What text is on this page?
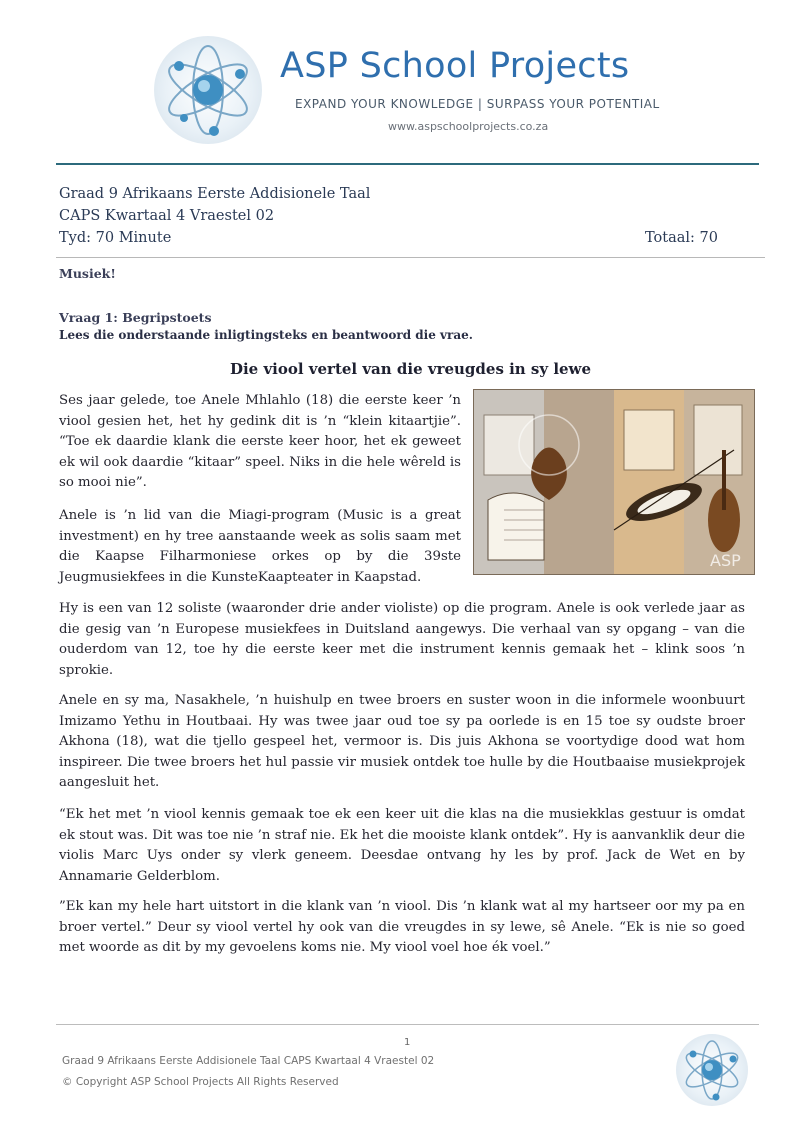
ASP School Projects
EXPAND YOUR KNOWLEDGE | SURPASS YOUR POTENTIAL
www.aspschoolprojects.co.za
Graad 9 Afrikaans Eerste Addisionele Taal
CAPS Kwartaal 4 Vraestel 02
Tyd: 70 Minute	Totaal: 70
Musiek!
Vraag 1: Begripstoets
Lees die onderstaande inligtingsteks en beantwoord die vrae.
Die viool vertel van die vreugdes in sy lewe
Ses jaar gelede, toe Anele Mhlahlo (18) die eerste keer ’n viool gesien het, het hy gedink dit is ’n “klein kitaartjie”. “Toe ek daardie klank die eerste keer hoor, het ek geweet ek wil ook daardie “kitaar” speel. Niks in die hele wêreld is so mooi nie”.
Anele is ’n lid van die Miagi-program (Music is a great investment) en hy tree aanstaande week as solis saam met die Kaapse Filharmoniese orkes op by die 39ste Jeugmusiekfees in die KunsteKaapteater in Kaapstad.
Hy is een van 12 soliste (waaronder drie ander violiste) op die program. Anele is ook verlede jaar as die gesig van ’n Europese musiekfees in Duitsland aangewys. Die verhaal van sy opgang – van die ouderdom van 12, toe hy die eerste keer met die instrument kennis gemaak het – klink soos ’n sprokie.
Anele en sy ma, Nasakhele, ’n huishulp en twee broers en suster woon in die informele woonbuurt Imizamo Yethu in Houtbaai. Hy was twee jaar oud toe sy pa oorlede is en 15 toe sy oudste broer Akhona (18), wat die tjello gespeel het, vermoor is. Dis juis Akhona se voortydige dood wat hom inspireer. Die twee broers het hul passie vir musiek ontdek toe hulle by die Houtbaaise musiekprojek aangesluit het.
“Ek het met ’n viool kennis gemaak toe ek een keer uit die klas na die musiekklas gestuur is omdat ek stout was. Dit was toe nie ’n straf nie. Ek het die mooiste klank ontdek”. Hy is aanvanklik deur die violis Marc Uys onder sy vlerk geneem. Deesdae ontvang hy les by prof. Jack de Wet en by Annamarie Gelderblom.
”Ek kan my hele hart uitstort in die klank van ’n viool. Dis ’n klank wat al my hartseer oor my pa en broer vertel.” Deur sy viool vertel hy ook van die vreugdes in sy lewe, sê Anele. “Ek is nie so goed met woorde as dit by my gevoelens koms nie. My viool voel hoe ék voel.”
ASP
1
Graad 9 Afrikaans Eerste Addisionele Taal CAPS Kwartaal 4 Vraestel 02
© Copyright ASP School Projects All Rights Reserved
